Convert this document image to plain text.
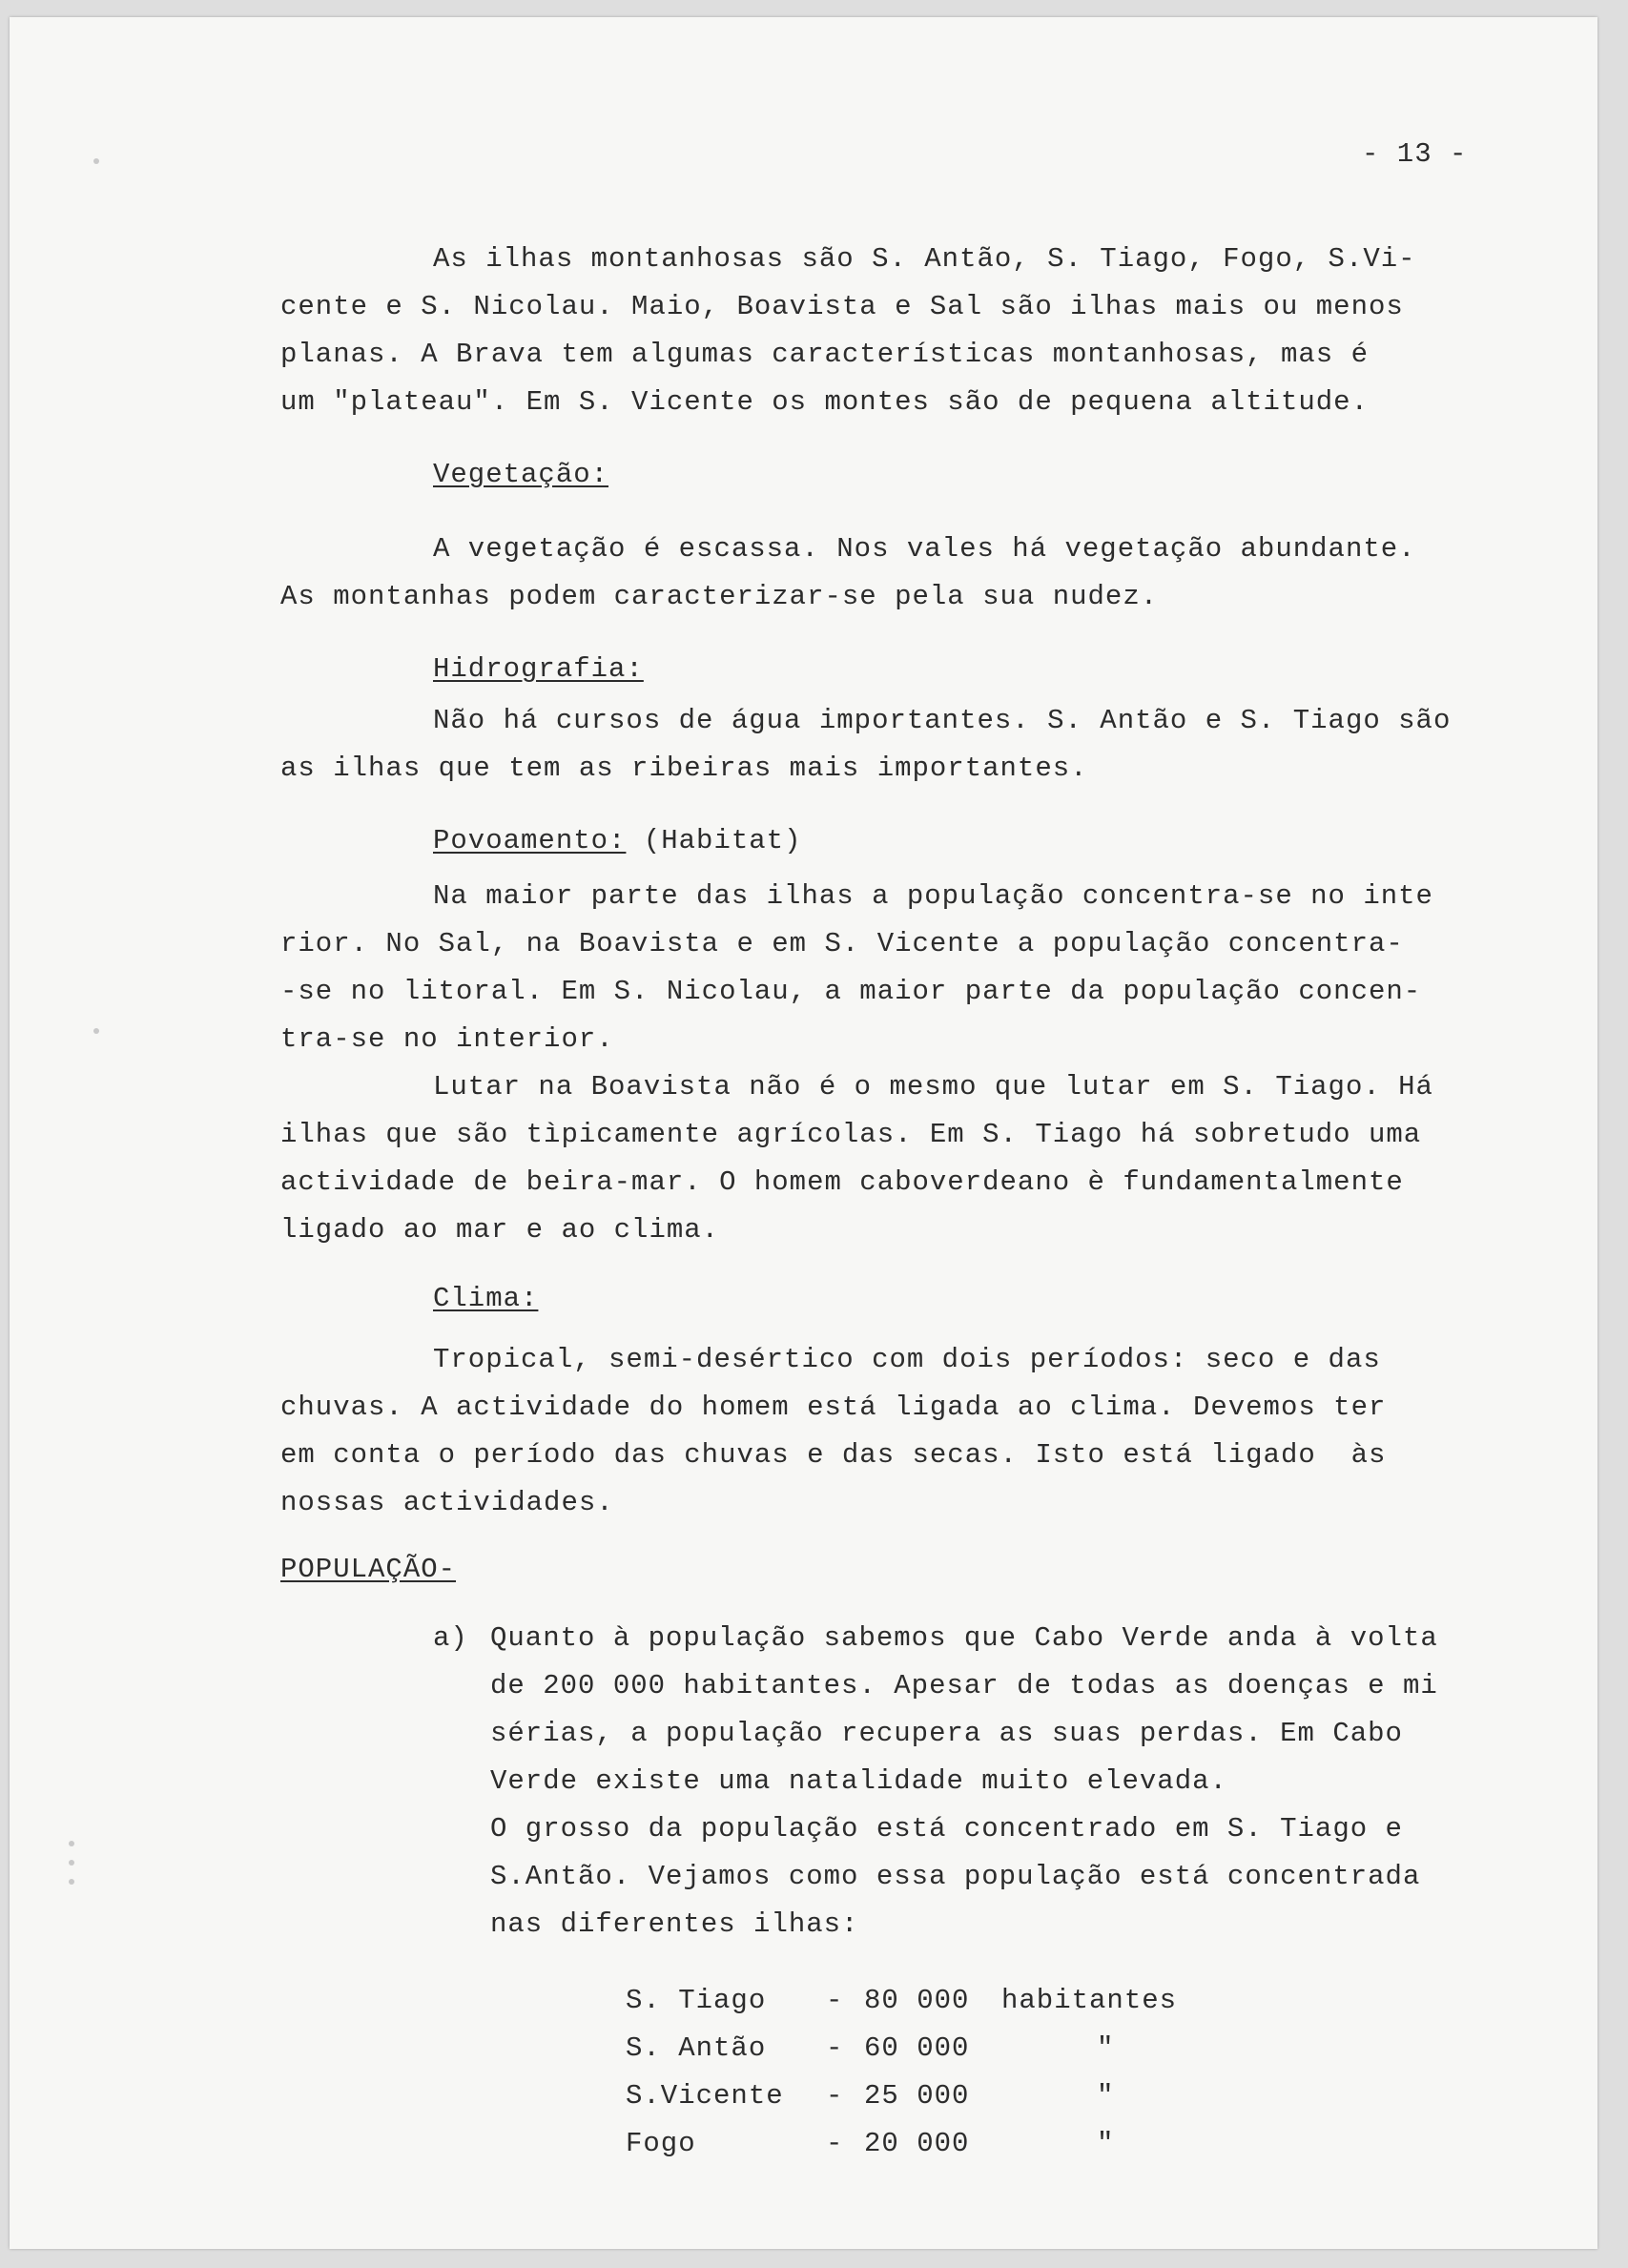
- 13 -
As ilhas montanhosas são S. Antão, S. Tiago, Fogo, S.Vi-
cente e S. Nicolau. Maio, Boavista e Sal são ilhas mais ou menos
planas. A Brava tem algumas características montanhosas, mas é
um "plateau". Em S. Vicente os montes são de pequena altitude.
Vegetação:
A vegetação é escassa. Nos vales há vegetação abundante.
As montanhas podem caracterizar-se pela sua nudez.
Hidrografia:
Não há cursos de água importantes. S. Antão e S. Tiago são
as ilhas que tem as ribeiras mais importantes.
Povoamento: (Habitat)
Na maior parte das ilhas a população concentra-se no inte
rior. No Sal, na Boavista e em S. Vicente a população concentra-
-se no litoral. Em S. Nicolau, a maior parte da população concen-
tra-se no interior.
Lutar na Boavista não é o mesmo que lutar em S. Tiago. Há
ilhas que são tìpicamente agrícolas. Em S. Tiago há sobretudo uma
actividade de beira-mar. O homem caboverdeano è fundamentalmente
ligado ao mar e ao clima.
Clima:
Tropical, semi-desértico com dois períodos: seco e das
chuvas. A actividade do homem está ligada ao clima. Devemos ter
em conta o período das chuvas e das secas. Isto está ligado  às
nossas actividades.
POPULAÇÃO-
a) Quanto à população sabemos que Cabo Verde anda à volta
de 200 000 habitantes. Apesar de todas as doenças e mi
sérias, a população recupera as suas perdas. Em Cabo
Verde existe uma natalidade muito elevada.
O grosso da população está concentrado em S. Tiago e
S.Antão. Vejamos como essa população está concentrada
nas diferentes ilhas:
S. Tiago - 80 000 habitantes
S. Antão - 60 000	"
S.Vicente - 25 000	"
Fogo	- 20 000	"
